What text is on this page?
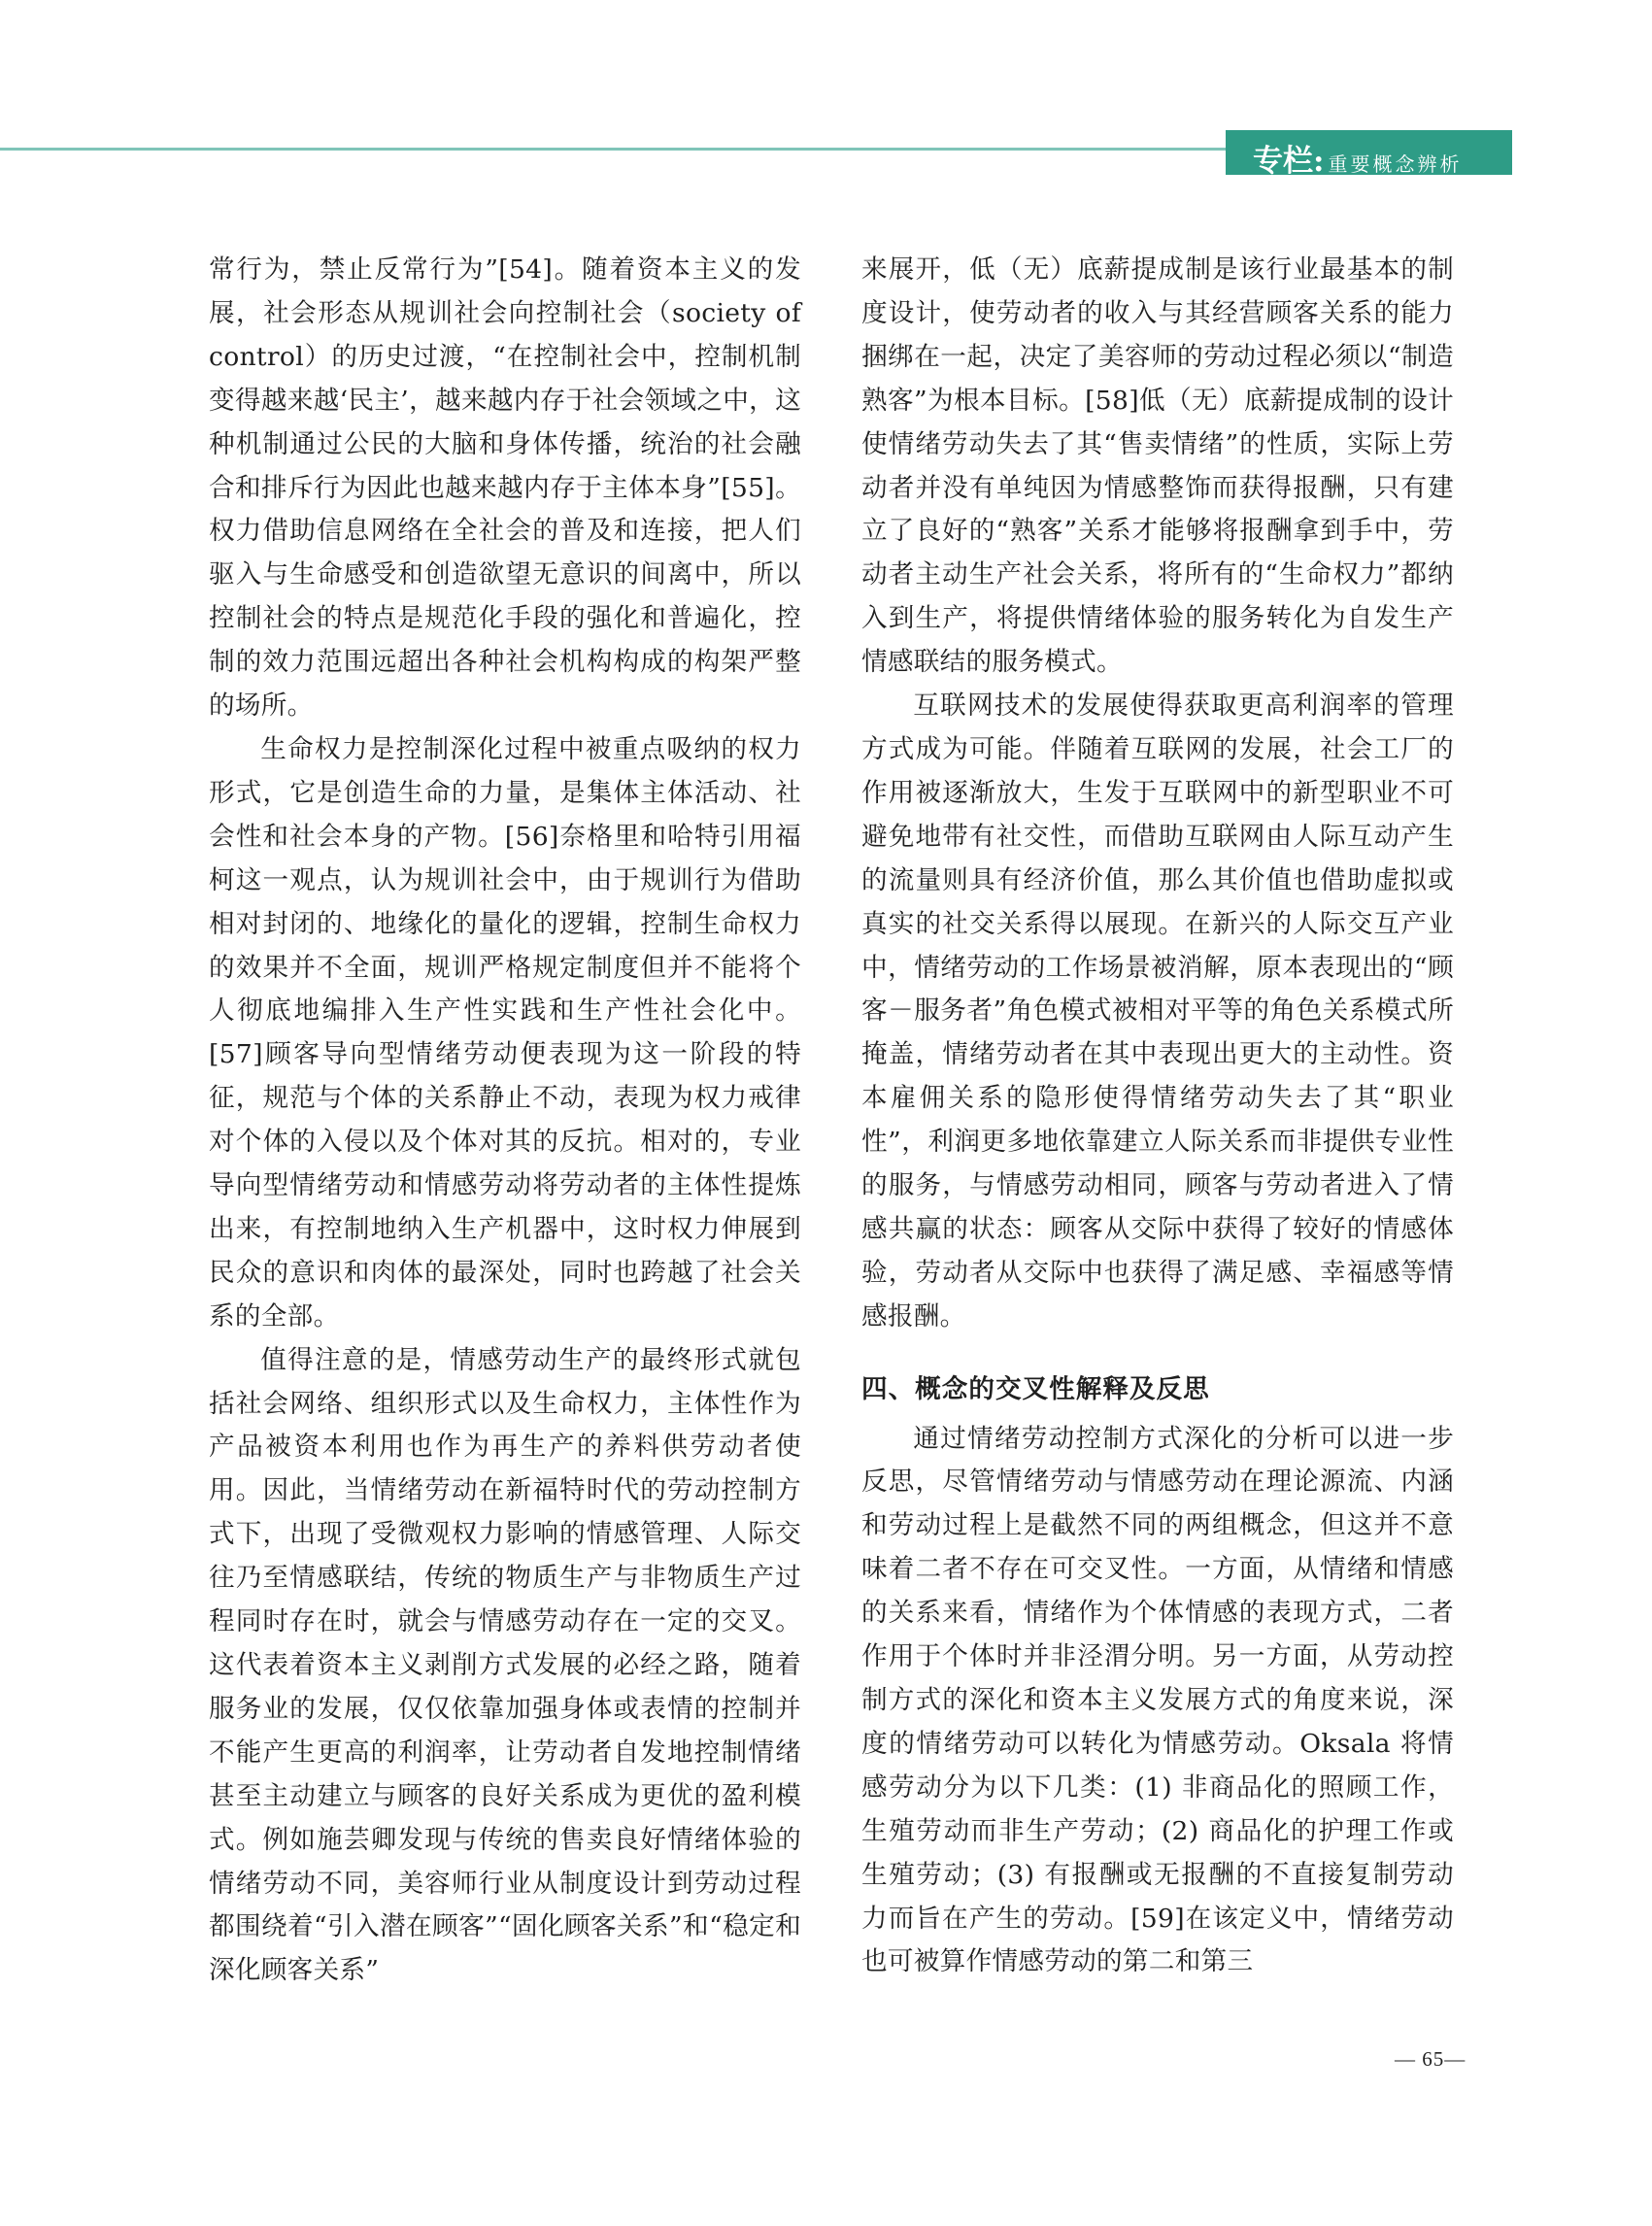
专栏: 重要概念辨析

常行为，禁止反常行为”[54]。随着资本主义的发展，社会形态从规训社会向控制社会（society of control）的历史过渡，“在控制社会中，控制机制变得越来越‘民主’，越来越内存于社会领域之中，这种机制通过公民的大脑和身体传播，统治的社会融合和排斥行为因此也越来越内存于主体本身”[55]。权力借助信息网络在全社会的普及和连接，把人们驱入与生命感受和创造欲望无意识的间离中，所以控制社会的特点是规范化手段的强化和普遍化，控制的效力范围远超出各种社会机构构成的构架严整的场所。

生命权力是控制深化过程中被重点吸纳的权力形式，它是创造生命的力量，是集体主体活动、社会性和社会本身的产物。[56]奈格里和哈特引用福柯这一观点，认为规训社会中，由于规训行为借助相对封闭的、地缘化的量化的逻辑，控制生命权力的效果并不全面，规训严格规定制度但并不能将个人彻底地编排入生产性实践和生产性社会化中。[57]顾客导向型情绪劳动便表现为这一阶段的特征，规范与个体的关系静止不动，表现为权力戒律对个体的入侵以及个体对其的反抗。相对的，专业导向型情绪劳动和情感劳动将劳动者的主体性提炼出来，有控制地纳入生产机器中，这时权力伸展到民众的意识和肉体的最深处，同时也跨越了社会关系的全部。

值得注意的是，情感劳动生产的最终形式就包括社会网络、组织形式以及生命权力，主体性作为产品被资本利用也作为再生产的养料供劳动者使用。因此，当情绪劳动在新福特时代的劳动控制方式下，出现了受微观权力影响的情感管理、人际交往乃至情感联结，传统的物质生产与非物质生产过程同时存在时，就会与情感劳动存在一定的交叉。这代表着资本主义剥削方式发展的必经之路，随着服务业的发展，仅仅依靠加强身体或表情的控制并不能产生更高的利润率，让劳动者自发地控制情绪甚至主动建立与顾客的良好关系成为更优的盈利模式。例如施芸卿发现与传统的售卖良好情绪体验的情绪劳动不同，美容师行业从制度设计到劳动过程都围绕着“引入潜在顾客”“固化顾客关系”和“稳定和深化顾客关系”

来展开，低（无）底薪提成制是该行业最基本的制度设计，使劳动者的收入与其经营顾客关系的能力捆绑在一起，决定了美容师的劳动过程必须以“制造熟客”为根本目标。[58]低（无）底薪提成制的设计使情绪劳动失去了其“售卖情绪”的性质，实际上劳动者并没有单纯因为情感整饰而获得报酬，只有建立了良好的“熟客”关系才能够将报酬拿到手中，劳动者主动生产社会关系，将所有的“生命权力”都纳入到生产，将提供情绪体验的服务转化为自发生产情感联结的服务模式。

互联网技术的发展使得获取更高利润率的管理方式成为可能。伴随着互联网的发展，社会工厂的作用被逐渐放大，生发于互联网中的新型职业不可避免地带有社交性，而借助互联网由人际互动产生的流量则具有经济价值，那么其价值也借助虚拟或真实的社交关系得以展现。在新兴的人际交互产业中，情绪劳动的工作场景被消解，原本表现出的“顾客－服务者”角色模式被相对平等的角色关系模式所掩盖，情绪劳动者在其中表现出更大的主动性。资本雇佣关系的隐形使得情绪劳动失去了其“职业性”，利润更多地依靠建立人际关系而非提供专业性的服务，与情感劳动相同，顾客与劳动者进入了情感共赢的状态：顾客从交际中获得了较好的情感体验，劳动者从交际中也获得了满足感、幸福感等情感报酬。

四、概念的交叉性解释及反思

通过情绪劳动控制方式深化的分析可以进一步反思，尽管情绪劳动与情感劳动在理论源流、内涵和劳动过程上是截然不同的两组概念，但这并不意味着二者不存在可交叉性。一方面，从情绪和情感的关系来看，情绪作为个体情感的表现方式，二者作用于个体时并非泾渭分明。另一方面，从劳动控制方式的深化和资本主义发展方式的角度来说，深度的情绪劳动可以转化为情感劳动。Oksala 将情感劳动分为以下几类：(1) 非商品化的照顾工作，生殖劳动而非生产劳动；(2) 商品化的护理工作或生殖劳动；(3) 有报酬或无报酬的不直接复制劳动力而旨在产生的劳动。[59]在该定义中，情绪劳动也可被算作情感劳动的第二和第三

— 65—
